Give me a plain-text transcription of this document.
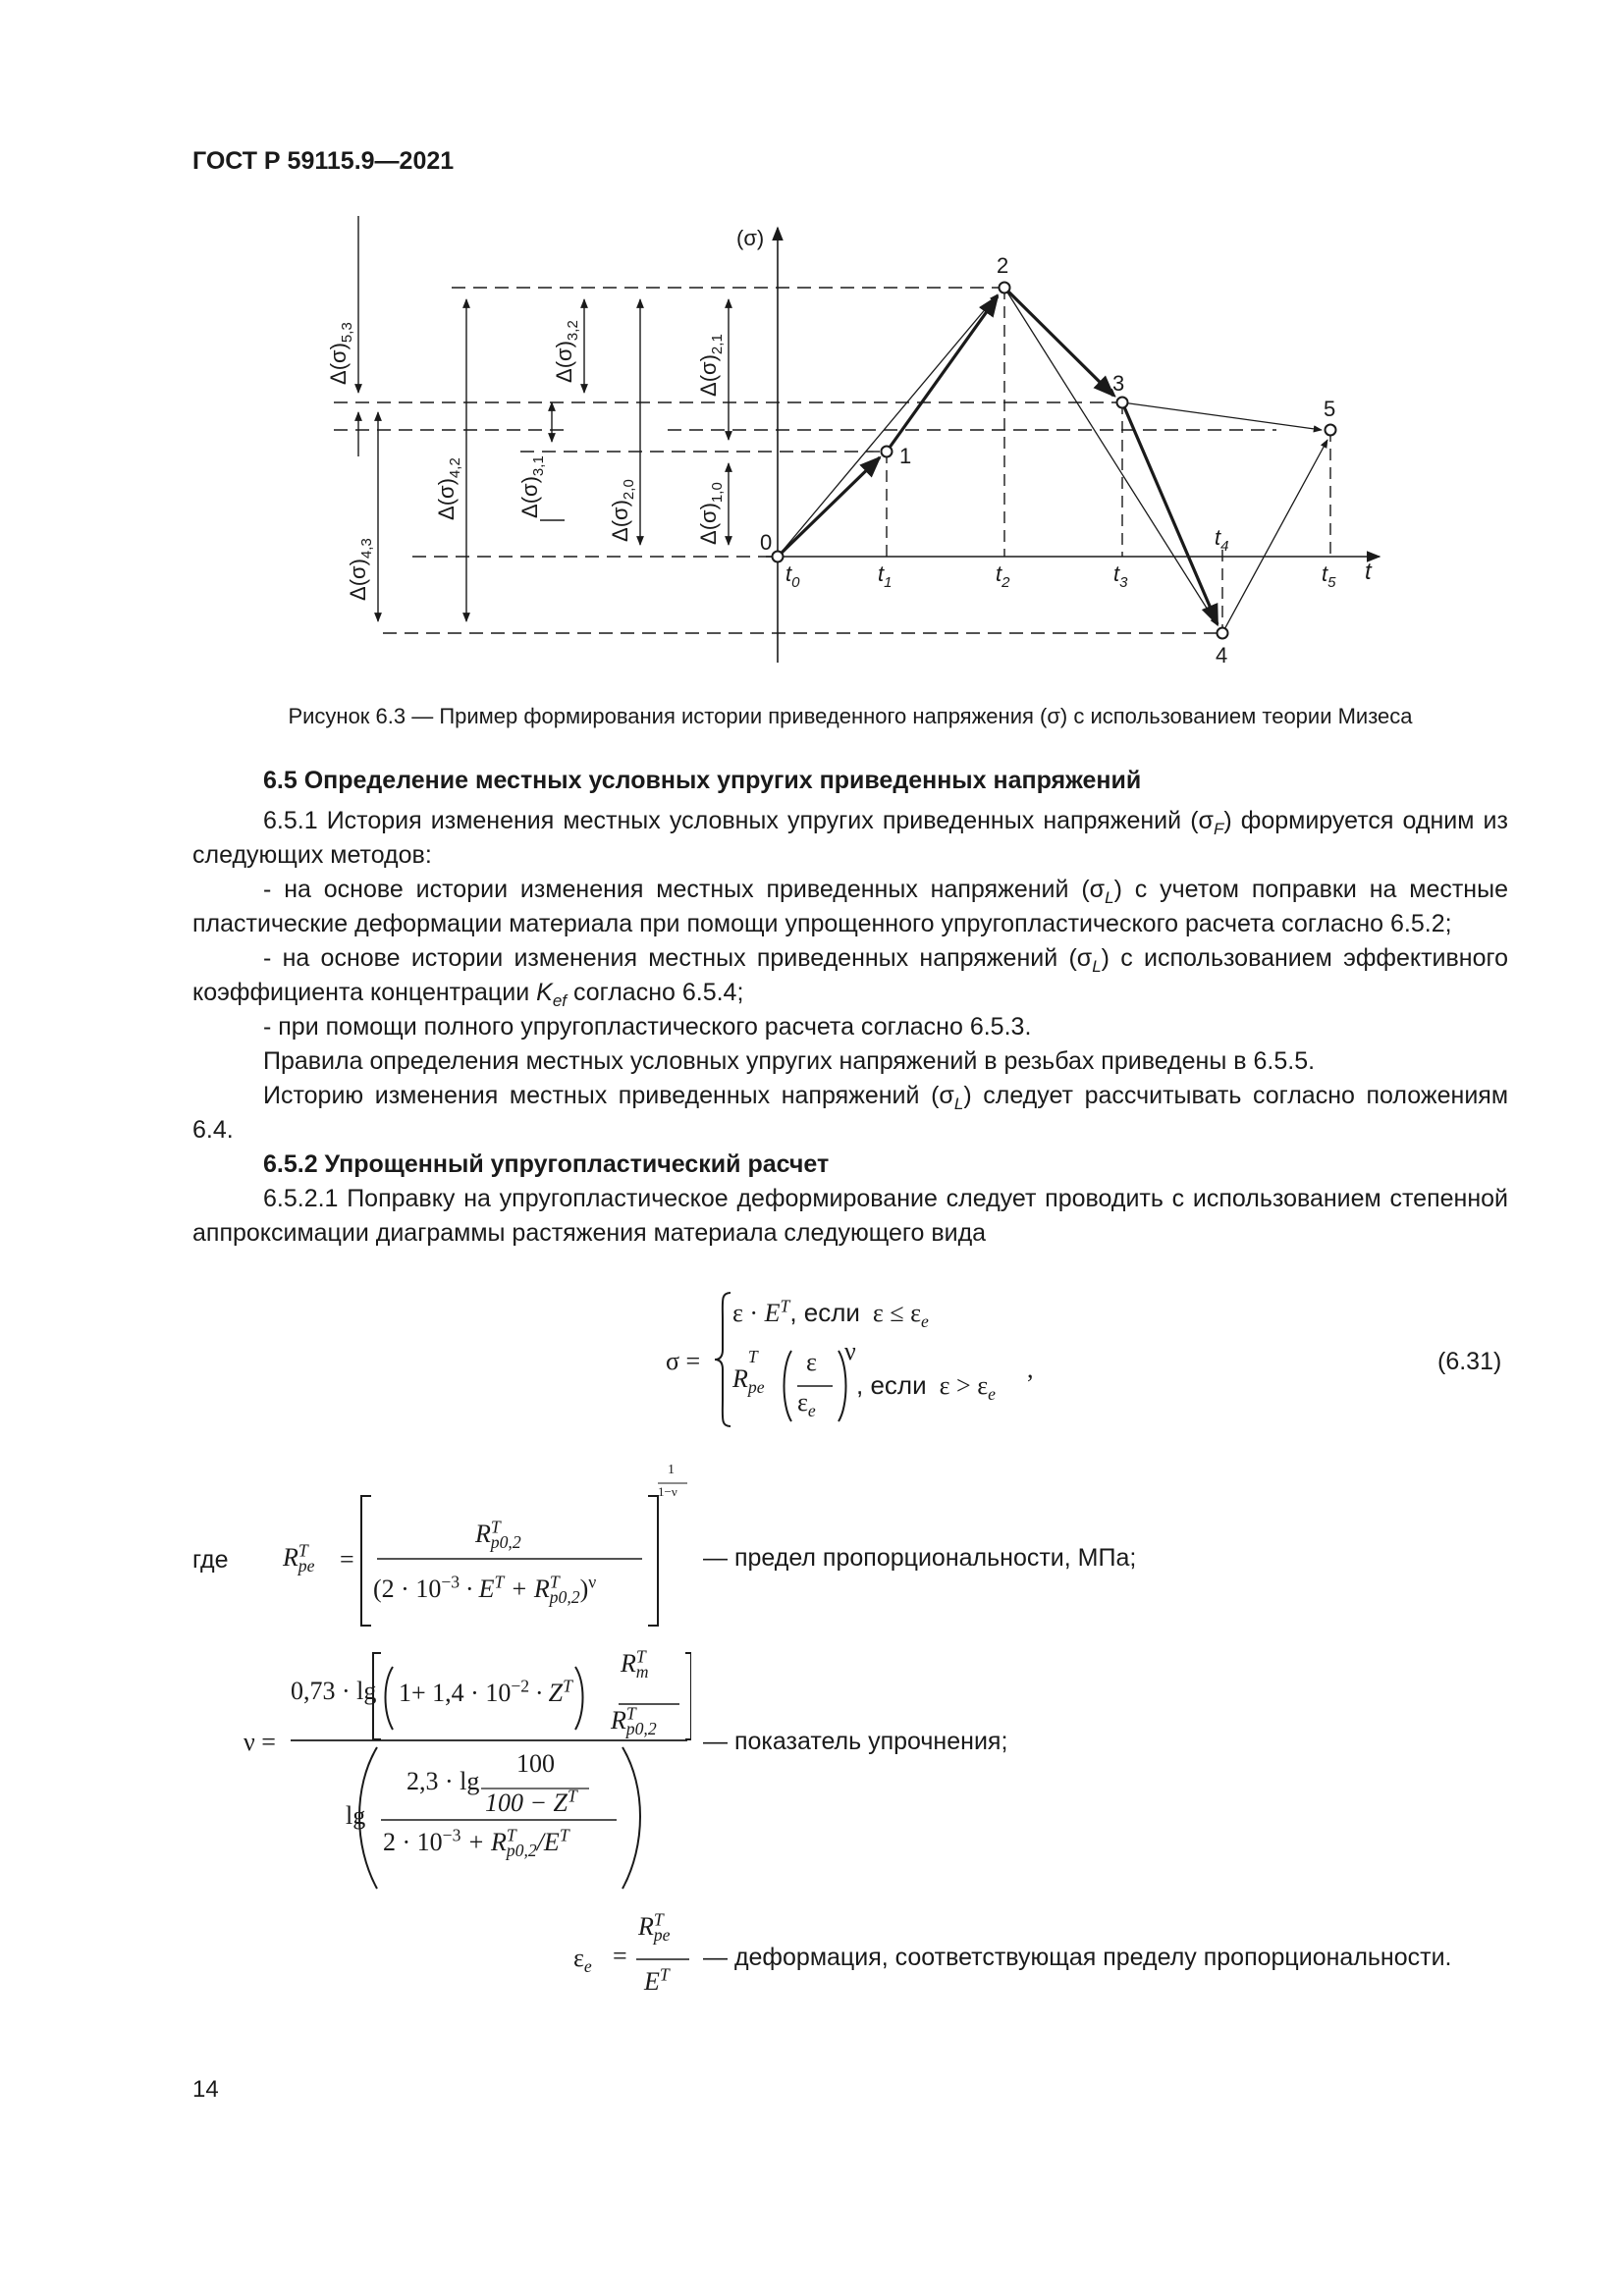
ГОСТ Р 59115.9—2021
(σ)
t
0
1
2
3
4
5
$t_0$	$t_1$	$t_2$	$t_3$
$t_4$
$t_5$
$\Delta(\sigma)_{5,3}$
$\Delta(\sigma)_{4,3}$
$\Delta(\sigma)_{4,2}$
$\Delta(\sigma)_{3,2}$
$\Delta(\sigma)_{3,1}$
$\Delta(\sigma)_{2,0}$
$\Delta(\sigma)_{2,1}$
$\Delta(\sigma)_{1,0}$
Рисунок 6.3 — Пример формирования истории приведенного напряжения (σ) с использованием теории Мизеса

6.5 Определение местных условных упругих приведенных напряжений

6.5.1 История изменения местных условных упругих приведенных напряжений $(\sigma_F)$ формируется одним из следующих методов:

- на основе истории изменения местных приведенных напряжений $(\sigma_L)$ с учетом поправки на местные пластические деформации материала при помощи упрощенного упругопластического расчета согласно 6.5.2;

- на основе истории изменения местных приведенных напряжений $(\sigma_L)$ с использованием эффективного коэффициента концентрации $K_{ef}$ согласно 6.5.4;

- при помощи полного упругопластического расчета согласно 6.5.3.

Правила определения местных условных упругих напряжений в резьбах приведены в 6.5.5.

Историю изменения местных приведенных напряжений $(\sigma_L)$ следует рассчитывать согласно положениям 6.4.

6.5.2 Упрощенный упругопластический расчет

6.5.2.1 Поправку на упругопластическое деформирование следует проводить с использованием степенной аппроксимации диаграммы растяжения материала следующего вида

σ =
$\varepsilon \cdot E^T$, если $\varepsilon \le \varepsilon_e$
R
T
$_{pe}$
ε
$\varepsilon_e$
ν
, если $\varepsilon > \varepsilon_e$
,	(6.31)
где $R^T_{pe}$ =
$R^T_{p0,2}$
$(2 \cdot 10^{-3} \cdot E^T + R^T_{p0,2})^\nu$
1
1−ν
— предел пропорциональности, МПа;
ν =
$0,73 \cdot \lg 1+ 1,4 \cdot 10^{-2} \cdot Z^T$
$R^T_m$
$R^T_{p0,2}$
lg
2,3 · lg
100
$100 - Z^T$
$2 \cdot 10^{-3} + R^T_{p0,2}/E^T$
— показатель упрочнения;
$\varepsilon_e$ =
$R^T_{pe}$
$E^T$
— деформация, соответствующая пределу пропорциональности.
14
